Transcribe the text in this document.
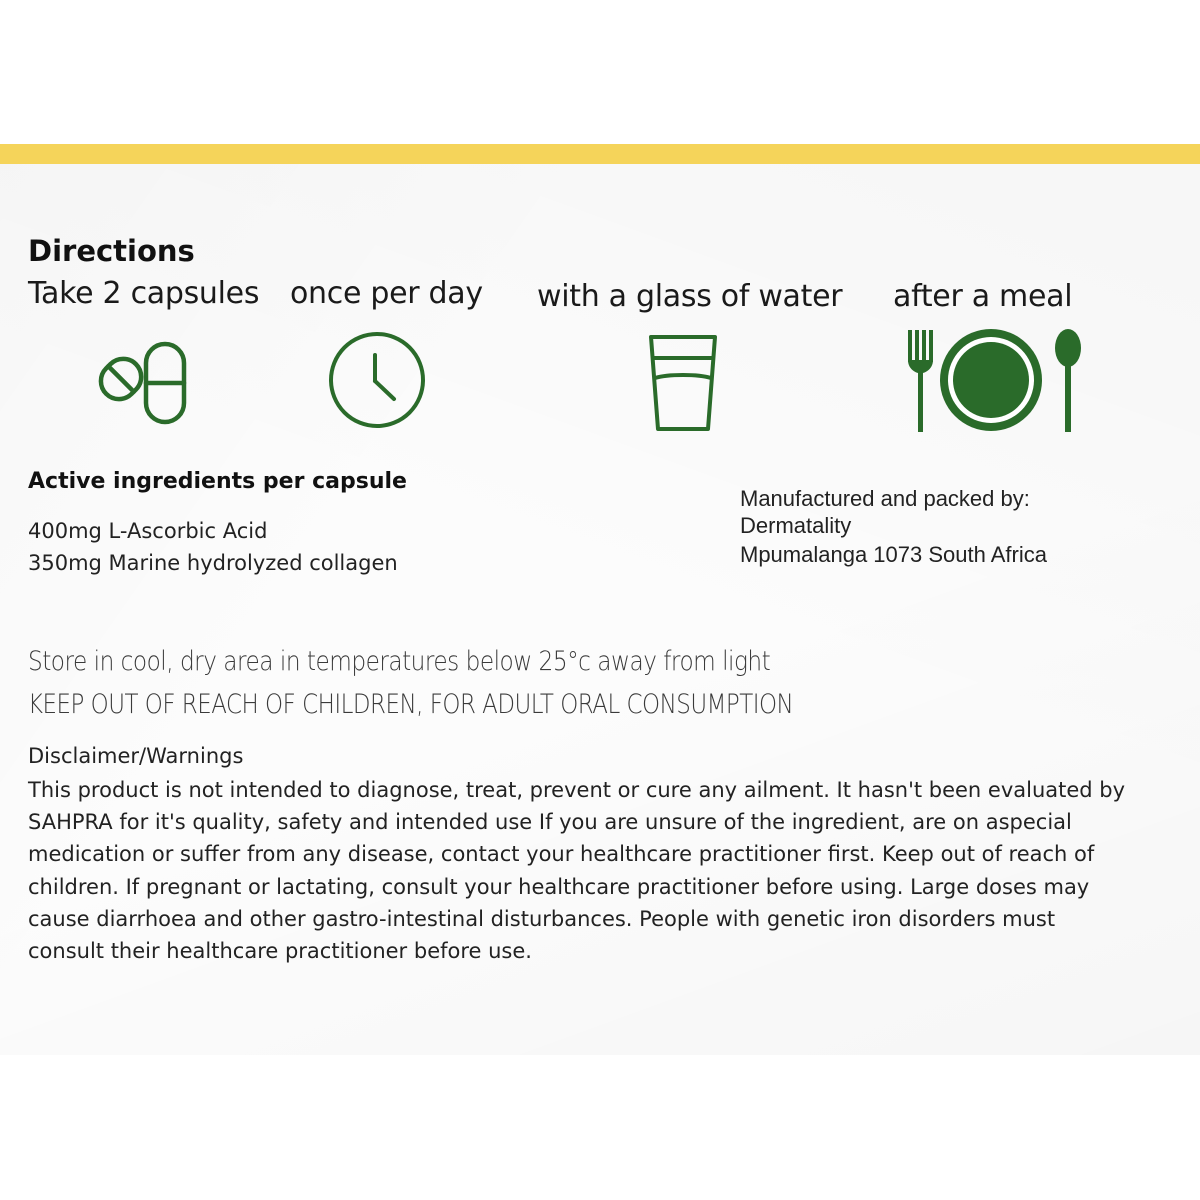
Directions
Take 2 capsules once per day with a glass of water after a meal
Active ingredients per capsule
400mg L-Ascorbic Acid
350mg Marine hydrolyzed collagen
Manufactured and packed by:
Dermatality
Mpumalanga 1073 South Africa
Store in cool, dry area in temperatures below 25°c away from light
KEEP OUT OF REACH OF CHILDREN, FOR ADULT ORAL CONSUMPTION
Disclaimer/Warnings
This product is not intended to diagnose, treat, prevent or cure any ailment. It hasn't been evaluated by
SAHPRA for it's quality, safety and intended use If you are unsure of the ingredient, are on aspecial
medication or suffer from any disease, contact your healthcare practitioner first. Keep out of reach of
children. If pregnant or lactating, consult your healthcare practitioner before using. Large doses may
cause diarrhoea and other gastro-intestinal disturbances. People with genetic iron disorders must
consult their healthcare practitioner before use.
